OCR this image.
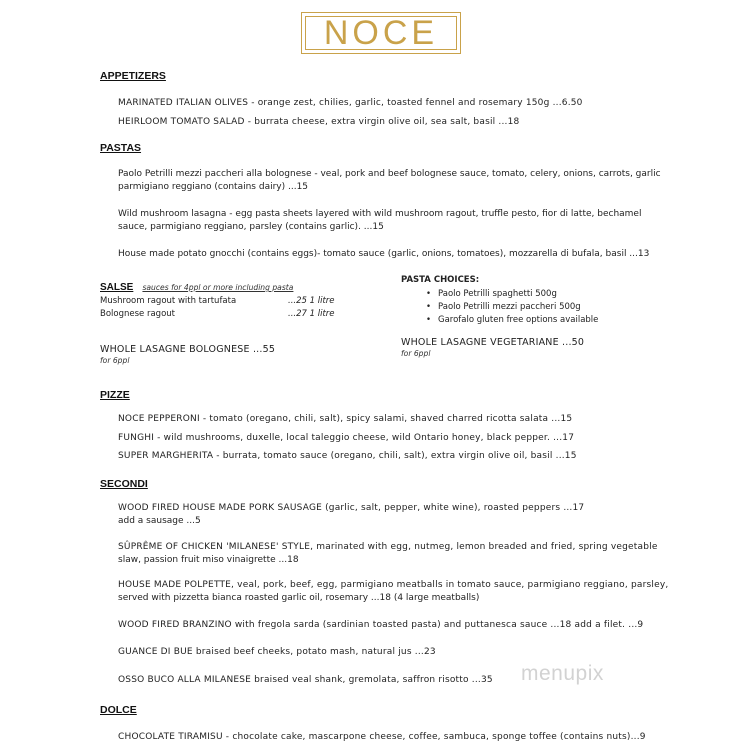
NOCE
APPETIZERS
MARINATED ITALIAN OLIVES - orange zest, chilies, garlic, toasted fennel and rosemary 150g ...6.50
HEIRLOOM TOMATO SALAD - burrata cheese, extra virgin olive oil, sea salt, basil ...18
PASTAS
Paolo Petrilli mezzi paccheri alla bolognese - veal, pork and beef bolognese sauce, tomato, celery, onions, carrots, garlic
parmigiano reggiano (contains dairy) ...15
Wild mushroom lasagna - egg pasta sheets layered with wild mushroom ragout, truffle pesto, fior di latte, bechamel
sauce, parmigiano reggiano, parsley (contains garlic). ...15
House made potato gnocchi (contains eggs)- tomato sauce (garlic, onions, tomatoes), mozzarella di bufala, basil ...13
SALSE sauces for 4ppl or more including pasta
Mushroom ragout with tartufata	...25 1 litre
Bolognese ragout	...27 1 litre
PASTA CHOICES:
• Paolo Petrilli spaghetti 500g
• Paolo Petrilli mezzi paccheri 500g
• Garofalo gluten free options available
WHOLE LASAGNE BOLOGNESE ...55
for 6ppl
WHOLE LASAGNE VEGETARIANE ...50
for 6ppl
PIZZE
NOCE PEPPERONI - tomato (oregano, chili, salt), spicy salami, shaved charred ricotta salata ...15
FUNGHI - wild mushrooms, duxelle, local taleggio cheese, wild Ontario honey, black pepper. ...17
SUPER MARGHERITA - burrata, tomato sauce (oregano, chili, salt), extra virgin olive oil, basil ...15
SECONDI
WOOD FIRED HOUSE MADE PORK SAUSAGE (garlic, salt, pepper, white wine), roasted peppers ...17
add a sausage ...5
SÛPRÊME OF CHICKEN 'MILANESE' STYLE, marinated with egg, nutmeg, lemon breaded and fried, spring vegetable
slaw, passion fruit miso vinaigrette ...18
HOUSE MADE POLPETTE, veal, pork, beef, egg, parmigiano meatballs in tomato sauce, parmigiano reggiano, parsley,
served with pizzetta bianca roasted garlic oil, rosemary ...18 (4 large meatballs)
WOOD FIRED BRANZINO with fregola sarda (sardinian toasted pasta) and puttanesca sauce ...18 add a filet. ...9
GUANCE DI BUE braised beef cheeks, potato mash, natural jus ...23
OSSO BUCO ALLA MILANESE braised veal shank, gremolata, saffron risotto ...35
DOLCE
CHOCOLATE TIRAMISU - chocolate cake, mascarpone cheese, coffee, sambuca, sponge toffee (contains nuts)...9
menupix
